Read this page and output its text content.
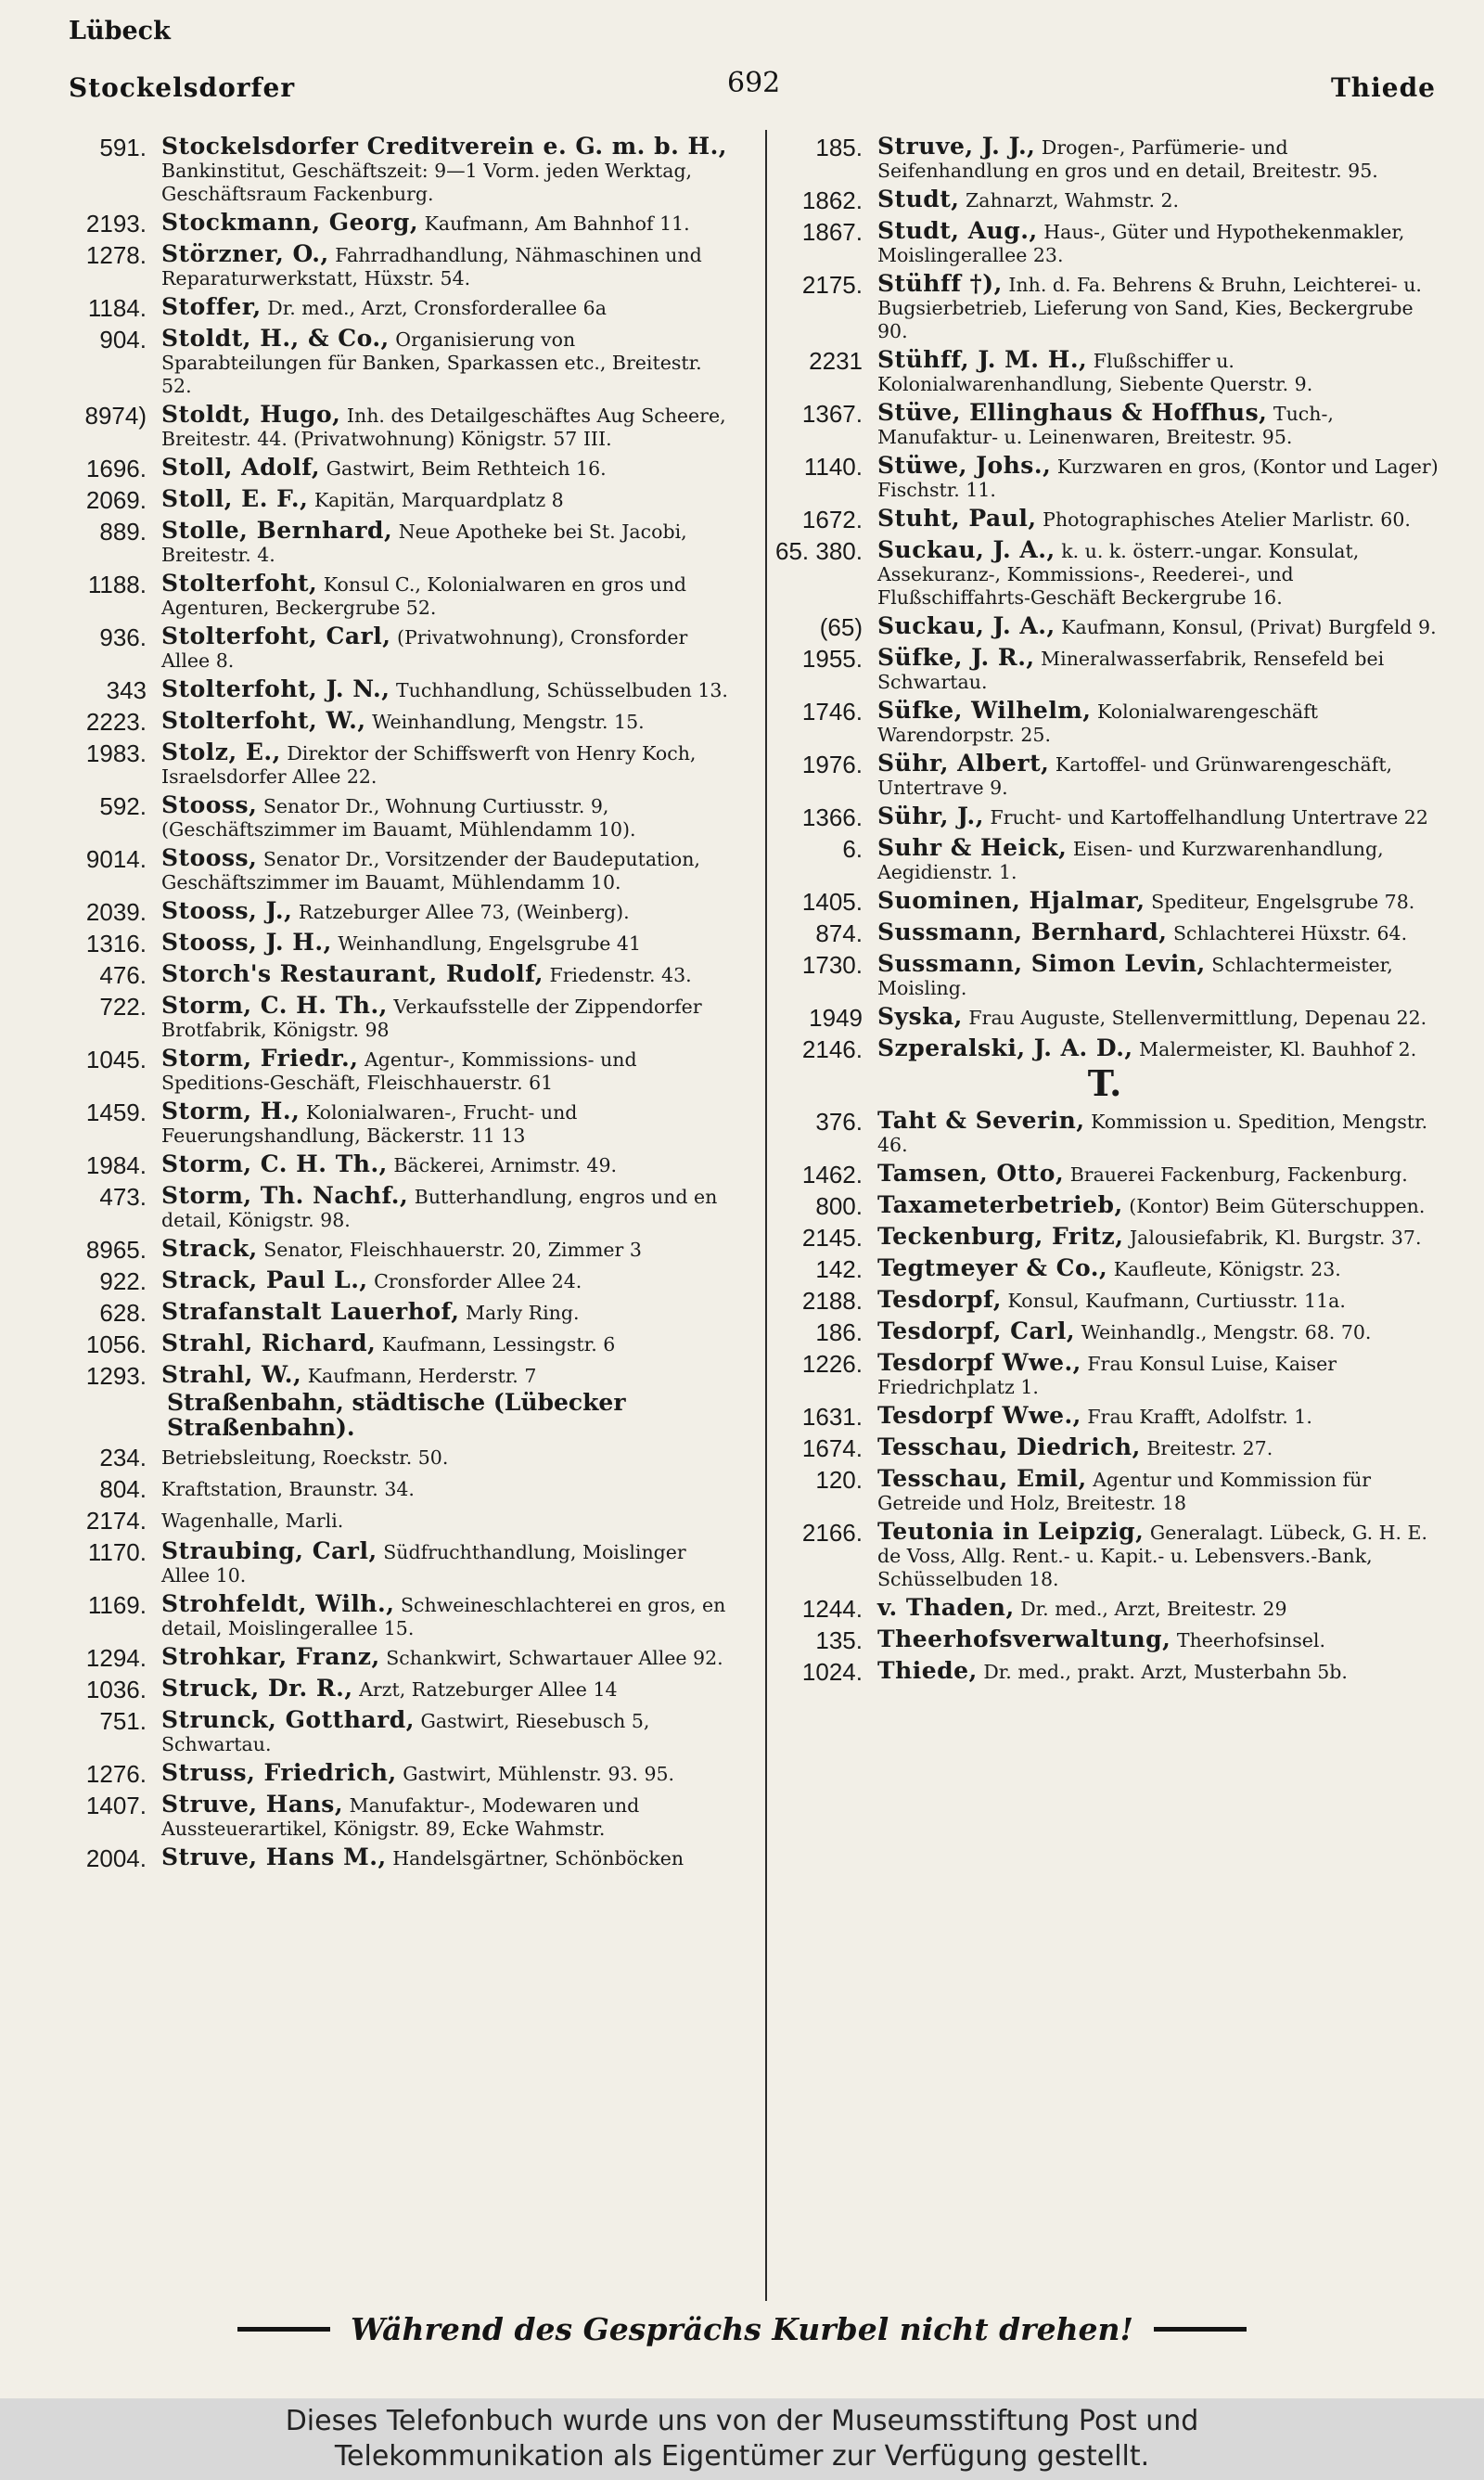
Lübeck
Stockelsdorfer	692	Thiede
591. Stockelsdorfer Creditverein e. G. m. b. H., Bankinstitut, Geschäftszeit: 9—1 Vorm. jeden Werktag, Geschäftsraum Fackenburg.
2193. Stockmann, Georg, Kaufmann, Am Bahnhof 11.
1278. Störzner, O., Fahrradhandlung, Nähmaschinen und Reparaturwerkstatt, Hüxstr. 54.
1184. Stoffer, Dr. med., Arzt, Cronsforderallee 6a
904. Stoldt, H., & Co., Organisierung von Sparabteilungen für Banken, Sparkassen etc., Breitestr. 52.
8974) Stoldt, Hugo, Inh. des Detailgeschäftes Aug Scheere, Breitestr. 44. (Privatwohnung) Königstr. 57 III.
1696. Stoll, Adolf, Gastwirt, Beim Rethteich 16.
2069. Stoll, E. F., Kapitän, Marquardplatz 8
889. Stolle, Bernhard, Neue Apotheke bei St. Jacobi, Breitestr. 4.
1188. Stolterfoht, Konsul C., Kolonialwaren en gros und Agenturen, Beckergrube 52.
936. Stolterfoht, Carl, (Privatwohnung), Cronsforder Allee 8.
343 Stolterfoht, J. N., Tuchhandlung, Schüsselbuden 13.
2223. Stolterfoht, W., Weinhandlung, Mengstr. 15.
1983. Stolz, E., Direktor der Schiffswerft von Henry Koch, Israelsdorfer Allee 22.
592. Stooss, Senator Dr., Wohnung Curtiusstr. 9, (Geschäftszimmer im Bauamt, Mühlendamm 10).
9014. Stooss, Senator Dr., Vorsitzender der Baudeputation, Geschäftszimmer im Bauamt, Mühlendamm 10.
2039. Stooss, J., Ratzeburger Allee 73, (Weinberg).
1316. Stooss, J. H., Weinhandlung, Engelsgrube 41
476. Storch's Restaurant, Rudolf, Friedenstr. 43.
722. Storm, C. H. Th., Verkaufsstelle der Zippendorfer Brotfabrik, Königstr. 98
1045. Storm, Friedr., Agentur-, Kommissions- und Speditions-Geschäft, Fleischhauerstr. 61
1459. Storm, H., Kolonialwaren-, Frucht- und Feuerungshandlung, Bäckerstr. 11 13
1984. Storm, C. H. Th., Bäckerei, Arnimstr. 49.
473. Storm, Th. Nachf., Butterhandlung, engros und en detail, Königstr. 98.
8965. Strack, Senator, Fleischhauerstr. 20, Zimmer 3
922. Strack, Paul L., Cronsforder Allee 24.
628. Strafanstalt Lauerhof, Marly Ring.
1056. Strahl, Richard, Kaufmann, Lessingstr. 6
1293. Strahl, W., Kaufmann, Herderstr. 7
Straßenbahn, städtische (Lübecker Straßenbahn).
234. Betriebsleitung, Roeckstr. 50.
804. Kraftstation, Braunstr. 34.
2174. Wagenhalle, Marli.
1170. Straubing, Carl, Südfruchthandlung, Moislinger Allee 10.
1169. Strohfeldt, Wilh., Schweineschlachterei en gros, en detail, Moislingerallee 15.
1294. Strohkar, Franz, Schankwirt, Schwartauer Allee 92.
1036. Struck, Dr. R., Arzt, Ratzeburger Allee 14
751. Strunck, Gotthard, Gastwirt, Riesebusch 5, Schwartau.
1276. Struss, Friedrich, Gastwirt, Mühlenstr. 93. 95.
1407. Struve, Hans, Manufaktur-, Modewaren und Aussteuerartikel, Königstr. 89, Ecke Wahmstr.
2004. Struve, Hans M., Handelsgärtner, Schönböcken
185. Struve, J. J., Drogen-, Parfümerie- und Seifenhandlung en gros und en detail, Breitestr. 95.
1862. Studt, Zahnarzt, Wahmstr. 2.
1867. Studt, Aug., Haus-, Güter und Hypothekenmakler, Moislingerallee 23.
2175. Stühff †), Inh. d. Fa. Behrens & Bruhn, Leichterei- u. Bugsierbetrieb, Lieferung von Sand, Kies, Beckergrube 90.
2231 Stühff, J. M. H., Flußschiffer u. Kolonialwarenhandlung, Siebente Querstr. 9.
1367. Stüve, Ellinghaus & Hoffhus, Tuch-, Manufaktur- u. Leinenwaren, Breitestr. 95.
1140. Stüwe, Johs., Kurzwaren en gros, (Kontor und Lager) Fischstr. 11.
1672. Stuht, Paul, Photographisches Atelier Marlistr. 60.
65. 380. Suckau, J. A., k. u. k. österr.-ungar. Konsulat, Assekuranz-, Kommissions-, Reederei-, und Flußschiffahrts-Geschäft Beckergrube 16.
(65) Suckau, J. A., Kaufmann, Konsul, (Privat) Burgfeld 9.
1955. Süfke, J. R., Mineralwasserfabrik, Rensefeld bei Schwartau.
1746. Süfke, Wilhelm, Kolonialwarengeschäft Warendorpstr. 25.
1976. Sühr, Albert, Kartoffel- und Grünwarengeschäft, Untertrave 9.
1366. Sühr, J., Frucht- und Kartoffelhandlung Untertrave 22
6. Suhr & Heick, Eisen- und Kurzwarenhandlung, Aegidienstr. 1.
1405. Suominen, Hjalmar, Spediteur, Engelsgrube 78.
874. Sussmann, Bernhard, Schlachterei Hüxstr. 64.
1730. Sussmann, Simon Levin, Schlachtermeister, Moisling.
1949 Syska, Frau Auguste, Stellenvermittlung, Depenau 22.
2146. Szperalski, J. A. D., Malermeister, Kl. Bauhhof 2.
T.
376. Taht & Severin, Kommission u. Spedition, Mengstr. 46.
1462. Tamsen, Otto, Brauerei Fackenburg, Fackenburg.
800. Taxameterbetrieb, (Kontor) Beim Güterschuppen.
2145. Teckenburg, Fritz, Jalousiefabrik, Kl. Burgstr. 37.
142. Tegtmeyer & Co., Kaufleute, Königstr. 23.
2188. Tesdorpf, Konsul, Kaufmann, Curtiusstr. 11a.
186. Tesdorpf, Carl, Weinhandlg., Mengstr. 68. 70.
1226. Tesdorpf Wwe., Frau Konsul Luise, Kaiser Friedrichplatz 1.
1631. Tesdorpf Wwe., Frau Krafft, Adolfstr. 1.
1674. Tesschau, Diedrich, Breitestr. 27.
120. Tesschau, Emil, Agentur und Kommission für Getreide und Holz, Breitestr. 18
2166. Teutonia in Leipzig, Generalagt. Lübeck, G. H. E. de Voss, Allg. Rent.- u. Kapit.- u. Lebensvers.-Bank, Schüsselbuden 18.
1244. v. Thaden, Dr. med., Arzt, Breitestr. 29
135. Theerhofsverwaltung, Theerhofsinsel.
1024. Thiede, Dr. med., prakt. Arzt, Musterbahn 5b.
Während des Gesprächs Kurbel nicht drehen!
Dieses Telefonbuch wurde uns von der Museumsstiftung Post und
Telekommunikation als Eigentümer zur Verfügung gestellt.
